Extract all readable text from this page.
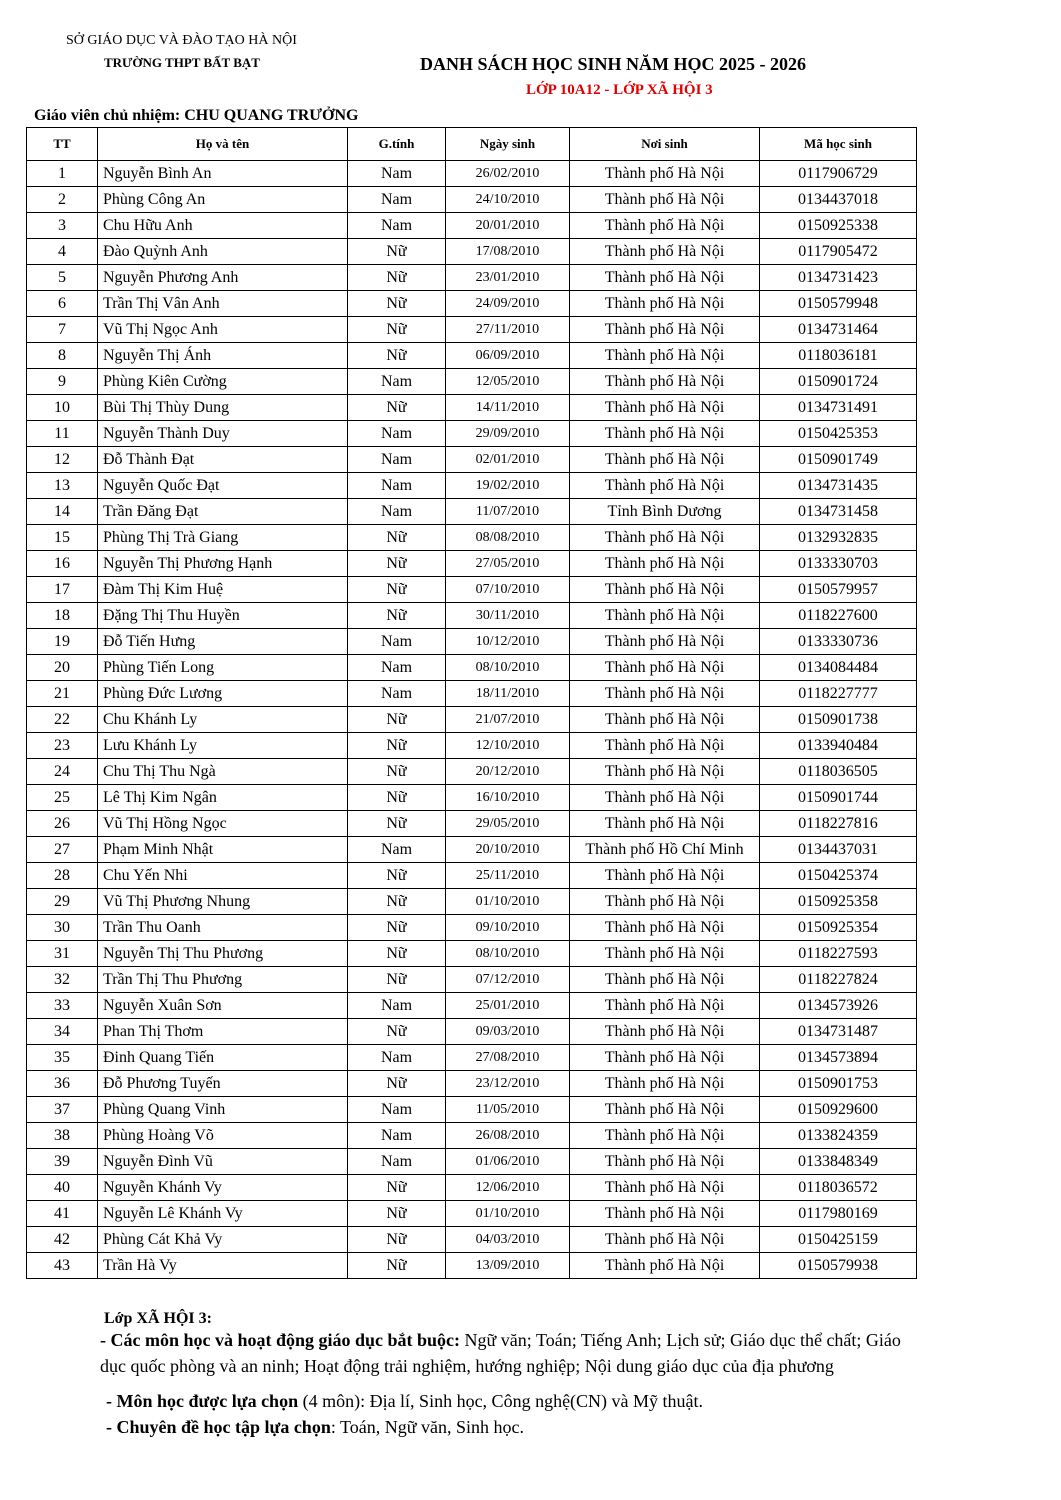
SỞ GIÁO DỤC VÀ ĐÀO TẠO HÀ NỘI
TRƯỜNG THPT BẤT BẠT	DANH SÁCH HỌC SINH NĂM HỌC 2025 - 2026
LỚP 10A12 - LỚP XÃ HỘI 3
Giáo viên chủ nhiệm: CHU QUANG TRƯỞNG
TT	Họ và tên	G.tính	Ngày sinh	Nơi sinh	Mã học sinh
1	Nguyễn Bình An	Nam	26/02/2010	Thành phố Hà Nội	0117906729
2	Phùng Công An	Nam	24/10/2010	Thành phố Hà Nội	0134437018
3	Chu Hữu Anh	Nam	20/01/2010	Thành phố Hà Nội	0150925338
4	Đào Quỳnh Anh	Nữ	17/08/2010	Thành phố Hà Nội	0117905472
5	Nguyễn Phương Anh	Nữ	23/01/2010	Thành phố Hà Nội	0134731423
6	Trần Thị Vân Anh	Nữ	24/09/2010	Thành phố Hà Nội	0150579948
7	Vũ Thị Ngọc Anh	Nữ	27/11/2010	Thành phố Hà Nội	0134731464
8	Nguyễn Thị Ánh	Nữ	06/09/2010	Thành phố Hà Nội	0118036181
9	Phùng Kiên Cường	Nam	12/05/2010	Thành phố Hà Nội	0150901724
10	Bùi Thị Thùy Dung	Nữ	14/11/2010	Thành phố Hà Nội	0134731491
11	Nguyễn Thành Duy	Nam	29/09/2010	Thành phố Hà Nội	0150425353
12	Đỗ Thành Đạt	Nam	02/01/2010	Thành phố Hà Nội	0150901749
13	Nguyễn Quốc Đạt	Nam	19/02/2010	Thành phố Hà Nội	0134731435
14	Trần Đăng Đạt	Nam	11/07/2010	Tỉnh Bình Dương	0134731458
15	Phùng Thị Trà Giang	Nữ	08/08/2010	Thành phố Hà Nội	0132932835
16	Nguyễn Thị Phương Hạnh	Nữ	27/05/2010	Thành phố Hà Nội	0133330703
17	Đàm Thị Kim Huệ	Nữ	07/10/2010	Thành phố Hà Nội	0150579957
18	Đặng Thị Thu Huyền	Nữ	30/11/2010	Thành phố Hà Nội	0118227600
19	Đỗ Tiến Hưng	Nam	10/12/2010	Thành phố Hà Nội	0133330736
20	Phùng Tiến Long	Nam	08/10/2010	Thành phố Hà Nội	0134084484
21	Phùng Đức Lương	Nam	18/11/2010	Thành phố Hà Nội	0118227777
22	Chu Khánh Ly	Nữ	21/07/2010	Thành phố Hà Nội	0150901738
23	Lưu Khánh Ly	Nữ	12/10/2010	Thành phố Hà Nội	0133940484
24	Chu Thị Thu Ngà	Nữ	20/12/2010	Thành phố Hà Nội	0118036505
25	Lê Thị Kim Ngân	Nữ	16/10/2010	Thành phố Hà Nội	0150901744
26	Vũ Thị Hồng Ngọc	Nữ	29/05/2010	Thành phố Hà Nội	0118227816
27	Phạm Minh Nhật	Nam	20/10/2010	Thành phố Hồ Chí Minh	0134437031
28	Chu Yến Nhi	Nữ	25/11/2010	Thành phố Hà Nội	0150425374
29	Vũ Thị Phương Nhung	Nữ	01/10/2010	Thành phố Hà Nội	0150925358
30	Trần Thu Oanh	Nữ	09/10/2010	Thành phố Hà Nội	0150925354
31	Nguyễn Thị Thu Phương	Nữ	08/10/2010	Thành phố Hà Nội	0118227593
32	Trần Thị Thu Phương	Nữ	07/12/2010	Thành phố Hà Nội	0118227824
33	Nguyễn Xuân Sơn	Nam	25/01/2010	Thành phố Hà Nội	0134573926
34	Phan Thị Thơm	Nữ	09/03/2010	Thành phố Hà Nội	0134731487
35	Đinh Quang Tiến	Nam	27/08/2010	Thành phố Hà Nội	0134573894
36	Đỗ Phương Tuyến	Nữ	23/12/2010	Thành phố Hà Nội	0150901753
37	Phùng Quang Vinh	Nam	11/05/2010	Thành phố Hà Nội	0150929600
38	Phùng Hoàng Võ	Nam	26/08/2010	Thành phố Hà Nội	0133824359
39	Nguyễn Đình Vũ	Nam	01/06/2010	Thành phố Hà Nội	0133848349
40	Nguyễn Khánh Vy	Nữ	12/06/2010	Thành phố Hà Nội	0118036572
41	Nguyễn Lê Khánh Vy	Nữ	01/10/2010	Thành phố Hà Nội	0117980169
42	Phùng Cát Khả Vy	Nữ	04/03/2010	Thành phố Hà Nội	0150425159
43	Trần Hà Vy	Nữ	13/09/2010	Thành phố Hà Nội	0150579938
Lớp XÃ HỘI 3:
- Các môn học và hoạt động giáo dục bắt buộc: Ngữ văn; Toán; Tiếng Anh; Lịch sử; Giáo dục thể chất; Giáo dục quốc phòng và an ninh; Hoạt động trải nghiệm, hướng nghiệp; Nội dung giáo dục của địa phương
- Môn học được lựa chọn (4 môn): Địa lí, Sinh học, Công nghệ(CN) và Mỹ thuật.
- Chuyên đề học tập lựa chọn: Toán, Ngữ văn, Sinh học.
